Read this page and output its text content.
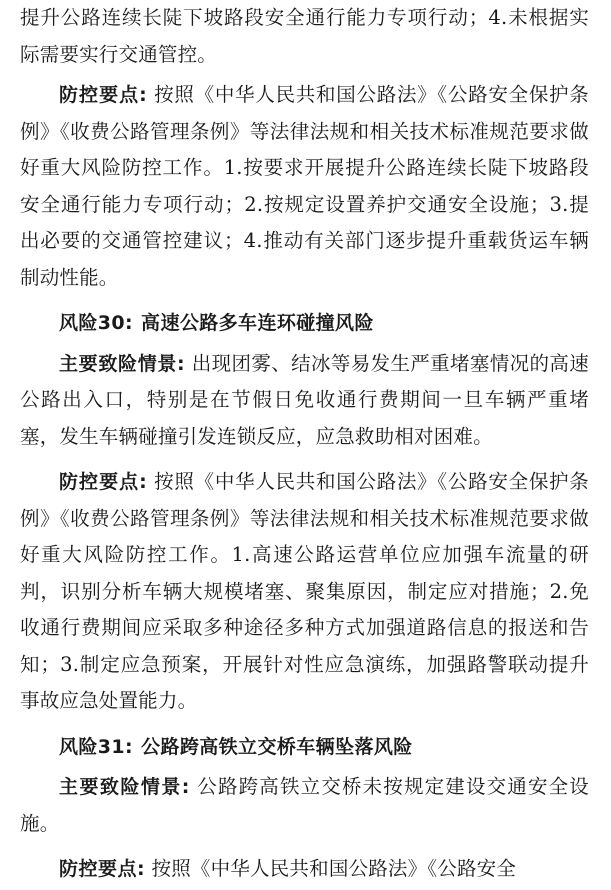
提升公路连续长陡下坡路段安全通行能力专项行动；4.未根据实际需要实行交通管控。

防控要点: 按照《中华人民共和国公路法》《公路安全保护条例》《收费公路管理条例》等法律法规和相关技术标准规范要求做好重大风险防控工作。1.按要求开展提升公路连续长陡下坡路段安全通行能力专项行动；2.按规定设置养护交通安全设施；3.提出必要的交通管控建议；4.推动有关部门逐步提升重载货运车辆制动性能。

风险30: 高速公路多车连环碰撞风险

主要致险情景: 出现团雾、结冰等易发生严重堵塞情况的高速公路出入口，特别是在节假日免收通行费期间一旦车辆严重堵塞，发生车辆碰撞引发连锁反应，应急救助相对困难。

防控要点: 按照《中华人民共和国公路法》《公路安全保护条例》《收费公路管理条例》等法律法规和相关技术标准规范要求做好重大风险防控工作。1.高速公路运营单位应加强车流量的研判，识别分析车辆大规模堵塞、聚集原因，制定应对措施；2.免收通行费期间应采取多种途径多种方式加强道路信息的报送和告知；3.制定应急预案，开展针对性应急演练，加强路警联动提升事故应急处置能力。

风险31: 公路跨高铁立交桥车辆坠落风险

主要致险情景: 公路跨高铁立交桥未按规定建设交通安全设施。

防控要点: 按照《中华人民共和国公路法》《公路安全
